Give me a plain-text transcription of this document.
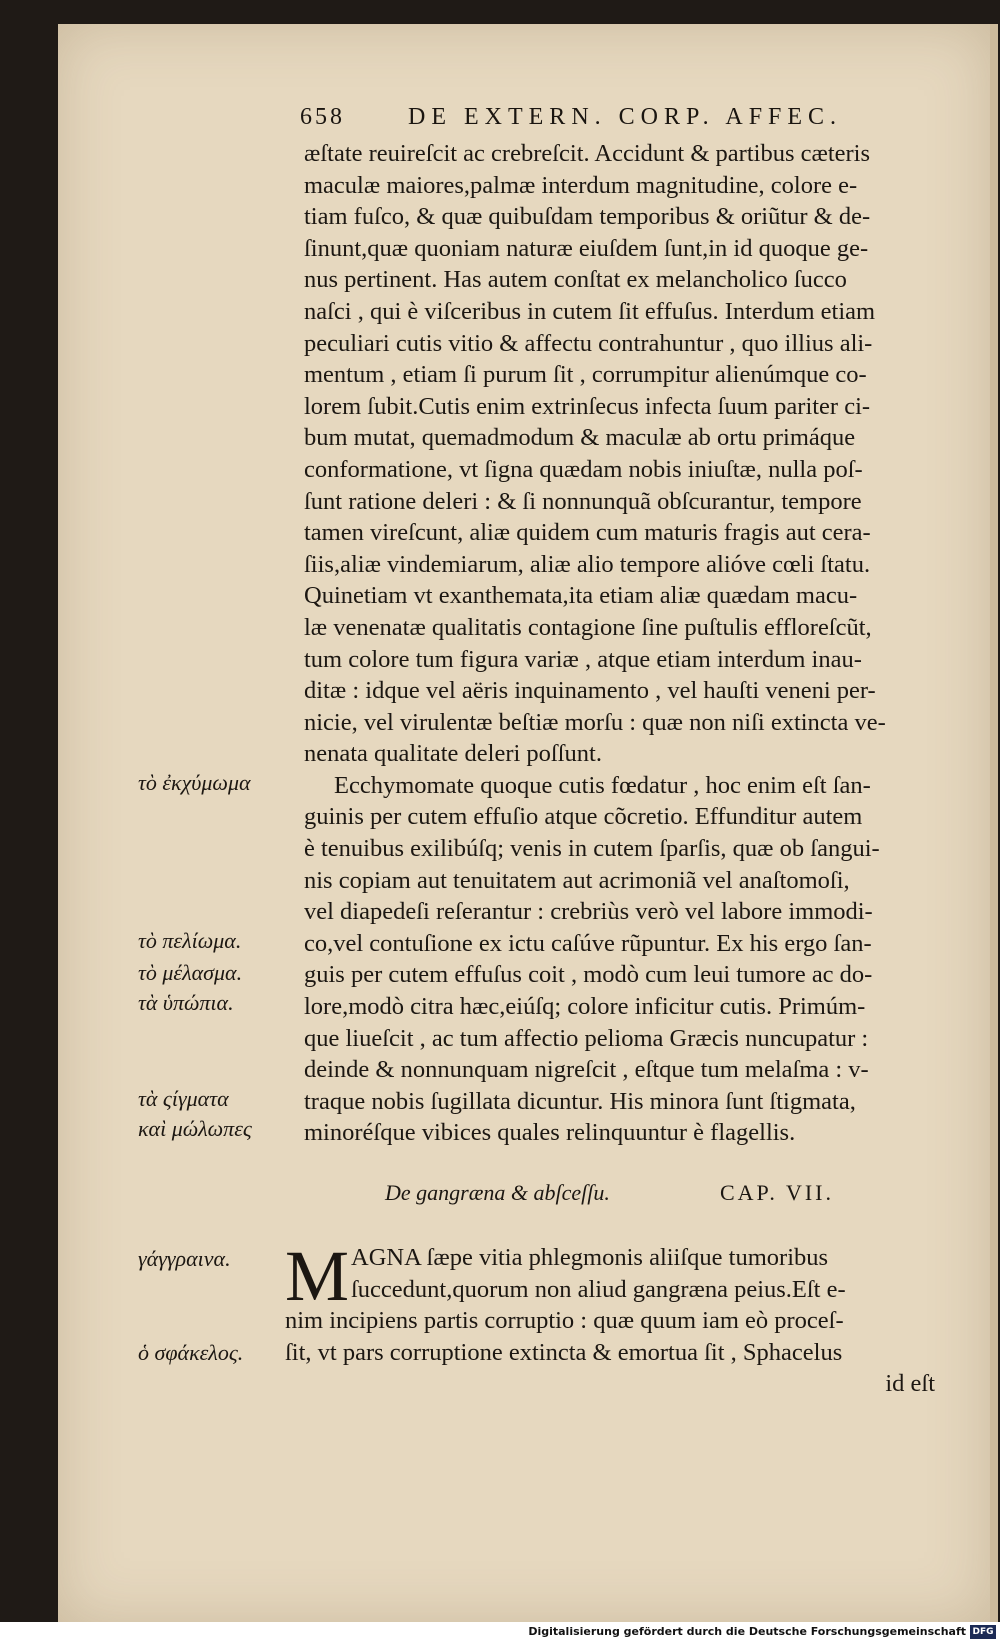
658	DE EXTERN. CORP. AFFEC.
æſtate reuireſcit ac crebreſcit. Accidunt & partibus cæteris
maculæ maiores,palmæ interdum magnitudine, colore e-
tiam fuſco, & quæ quibuſdam temporibus & oriũtur & de-
ſinunt,quæ quoniam naturæ eiuſdem ſunt,in id quoque ge-
nus pertinent. Has autem conſtat ex melancholico ſucco
naſci , qui è viſceribus in cutem ſit effuſus. Interdum etiam
peculiari cutis vitio & affectu contrahuntur , quo illius ali-
mentum , etiam ſi purum ſit , corrumpitur alienúmque co-
lorem ſubit.Cutis enim extrinſecus infecta ſuum pariter ci-
bum mutat, quemadmodum & maculæ ab ortu primáque
conformatione, vt ſigna quædam nobis iniuſtæ, nulla poſ-
ſunt ratione deleri : & ſi nonnunquã obſcurantur, tempore
tamen vireſcunt, aliæ quidem cum maturis fragis aut cera-
ſiis,aliæ vindemiarum, aliæ alio tempore alióve cœli ſtatu.
Quinetiam vt exanthemata,ita etiam aliæ quædam macu-
læ venenatæ qualitatis contagione ſine puſtulis efflorеſcũt,
tum colore tum figura variæ , atque etiam interdum inau-
ditæ : idque vel aëris inquinamento , vel hauſti veneni per-
nicie, vel virulentæ beſtiæ morſu : quæ non niſi extincta ve-
nenata qualitate deleri poſſunt.
Ecchymomate quoque cutis fœdatur , hoc enim eſt ſan-
guinis per cutem effuſio atque cõcretio. Effunditur autem
è tenuibus exilibúſq; venis in cutem ſparſis, quæ ob ſangui-
nis copiam aut tenuitatem aut acrimoniã vel anaſtomoſi,
vel diapedeſi reſerantur : crebriùs verò vel labore immodi-
co,vel contuſione ex ictu caſúve rũpuntur. Ex his ergo ſan-
guis per cutem effuſus coit , modò cum leui tumore ac do-
lore,modò citra hæc,eiúſq; colore inficitur cutis. Primúm-
que liueſcit , ac tum affectio pelioma Græcis nuncupatur :
deinde & nonnunquam nigreſcit , eſtque tum melaſma : v-
traque nobis ſugillata dicuntur. His minora ſunt ſtigmata,
minoréſque vibices quales relinquuntur è flagellis.
τὸ ἐκχύμωμα
τὸ πελίωμα.
τὸ μέλασμα.
τὰ ὑπώπια.
τὰ ςίγματα
καὶ μώλωπες
γάγγραινα.
ὁ σφάκελος.
De gangræna & abſceſſu.	CAP. VII.
M AGNA ſæpe vitia phlegmonis aliiſque tumoribus
ſuccedunt,quorum non aliud gangræna peius.Eſt e-
nim incipiens partis corruptio : quæ quum iam eò proceſ-
ſit, vt pars corruptione extincta & emortua ſit , Sphacelus
id eſt
Digitalisierung gefördert durch die Deutsche Forschungsgemeinschaft DFG
